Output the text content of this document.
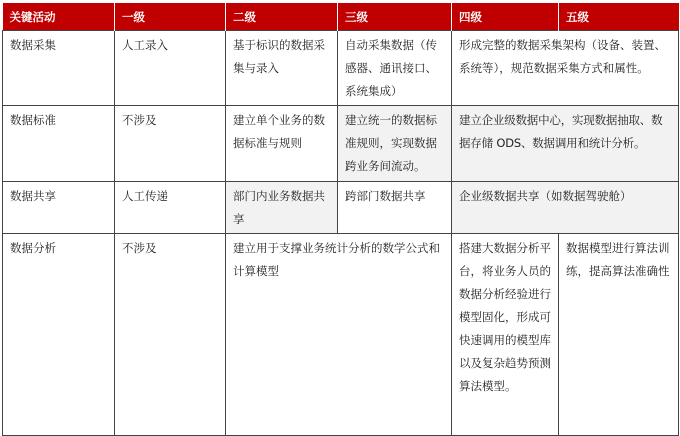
关键活动	一级	二级	三级	四级	五级
数据采集	人工录入	基于标识的数据采集与录入	自动采集数据（传感器、通讯接口、系统集成）	形成完整的数据采集架构（设备、装置、系统等），规范数据采集方式和属性。	
数据标准	不涉及	建立单个业务的数据标准与规则	建立统一的数据标准规则，实现数据跨业务间流动。	建立企业级数据中心，实现数据抽取、数据存储 ODS、数据调用和统计分析。	
数据共享	人工传递	部门内业务数据共享	跨部门数据共享	企业级数据共享（如数据驾驶舱）	
数据分析	不涉及	建立用于支撑业务统计分析的数学公式和计算模型		搭建大数据分析平台，将业务人员的数据分析经验进行模型固化，形成可快速调用的模型库以及复杂趋势预测算法模型。	数据模型进行算法训练，提高算法准确性
